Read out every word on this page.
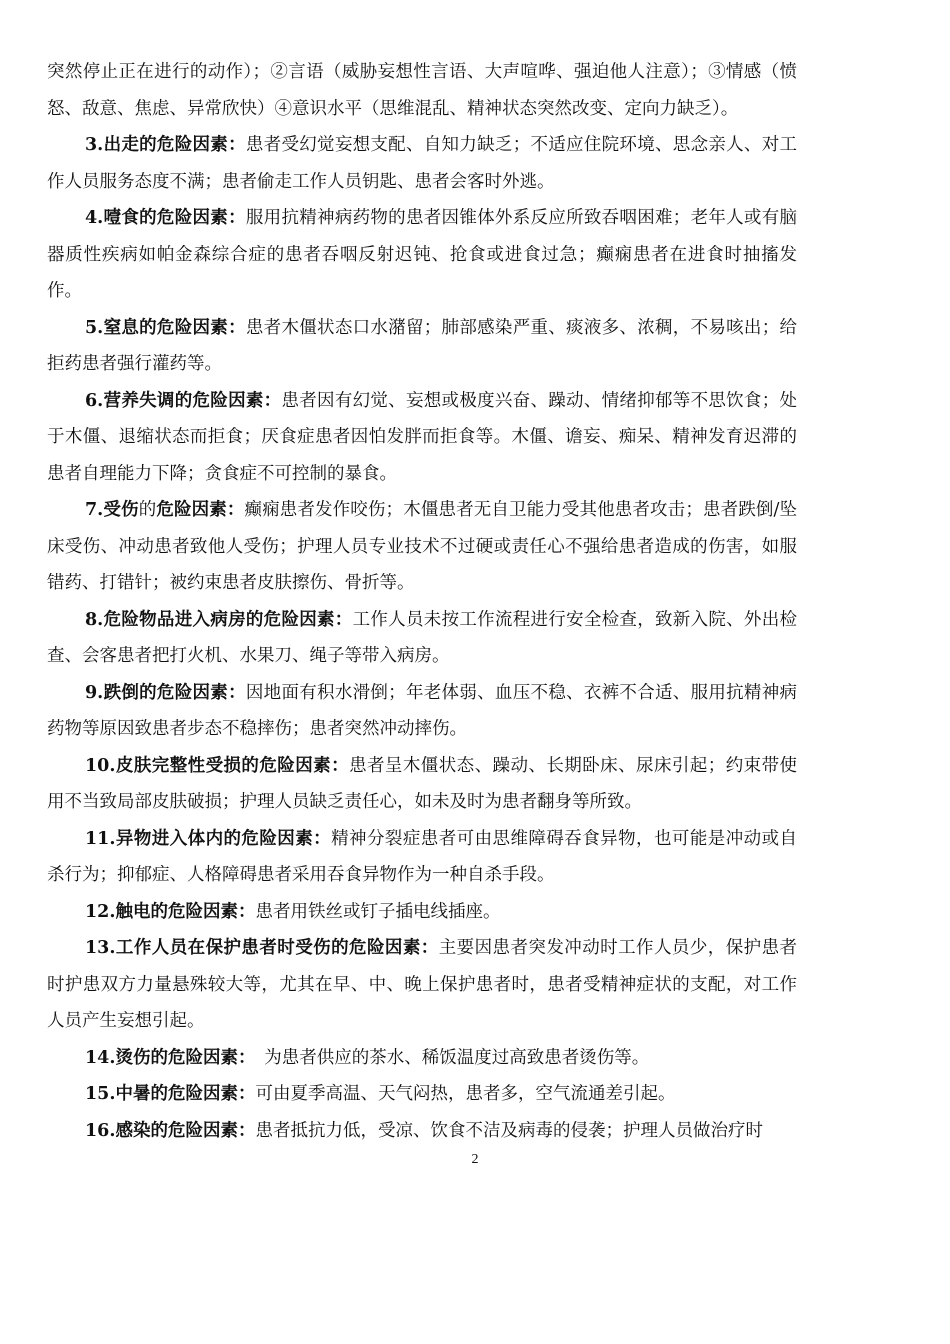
突然停止正在进行的动作）；②言语（威胁妄想性言语、大声喧哗、强迫他人注意）；③情感（愤怒、敌意、焦虑、异常欣快）④意识水平（思维混乱、精神状态突然改变、定向力缺乏）。

3.出走的危险因素：患者受幻觉妄想支配、自知力缺乏；不适应住院环境、思念亲人、对工作人员服务态度不满；患者偷走工作人员钥匙、患者会客时外逃。

4.噎食的危险因素：服用抗精神病药物的患者因锥体外系反应所致吞咽困难；老年人或有脑器质性疾病如帕金森综合症的患者吞咽反射迟钝、抢食或进食过急；癫痫患者在进食时抽搐发作。

5.窒息的危险因素：患者木僵状态口水潴留；肺部感染严重、痰液多、浓稠，不易咳出；给拒药患者强行灌药等。

6.营养失调的危险因素：患者因有幻觉、妄想或极度兴奋、躁动、情绪抑郁等不思饮食；处于木僵、退缩状态而拒食；厌食症患者因怕发胖而拒食等。木僵、谵妄、痴呆、精神发育迟滞的患者自理能力下降；贪食症不可控制的暴食。

7.受伤的危险因素：癫痫患者发作咬伤；木僵患者无自卫能力受其他患者攻击；患者跌倒/坠床受伤、冲动患者致他人受伤；护理人员专业技术不过硬或责任心不强给患者造成的伤害，如服错药、打错针；被约束患者皮肤擦伤、骨折等。

8.危险物品进入病房的危险因素：工作人员未按工作流程进行安全检查，致新入院、外出检查、会客患者把打火机、水果刀、绳子等带入病房。

9.跌倒的危险因素：因地面有积水滑倒；年老体弱、血压不稳、衣裤不合适、服用抗精神病药物等原因致患者步态不稳摔伤；患者突然冲动摔伤。

10.皮肤完整性受损的危险因素：患者呈木僵状态、躁动、长期卧床、尿床引起；约束带使用不当致局部皮肤破损；护理人员缺乏责任心，如未及时为患者翻身等所致。

11.异物进入体内的危险因素：精神分裂症患者可由思维障碍吞食异物，也可能是冲动或自杀行为；抑郁症、人格障碍患者采用吞食异物作为一种自杀手段。

12.触电的危险因素：患者用铁丝或钉子插电线插座。

13.工作人员在保护患者时受伤的危险因素：主要因患者突发冲动时工作人员少，保护患者时护患双方力量悬殊较大等，尤其在早、中、晚上保护患者时，患者受精神症状的支配，对工作人员产生妄想引起。

14.烫伤的危险因素：　为患者供应的茶水、稀饭温度过高致患者烫伤等。

15.中暑的危险因素：可由夏季高温、天气闷热，患者多，空气流通差引起。

16.感染的危险因素：患者抵抗力低，受凉、饮食不洁及病毒的侵袭；护理人员做治疗时

2
